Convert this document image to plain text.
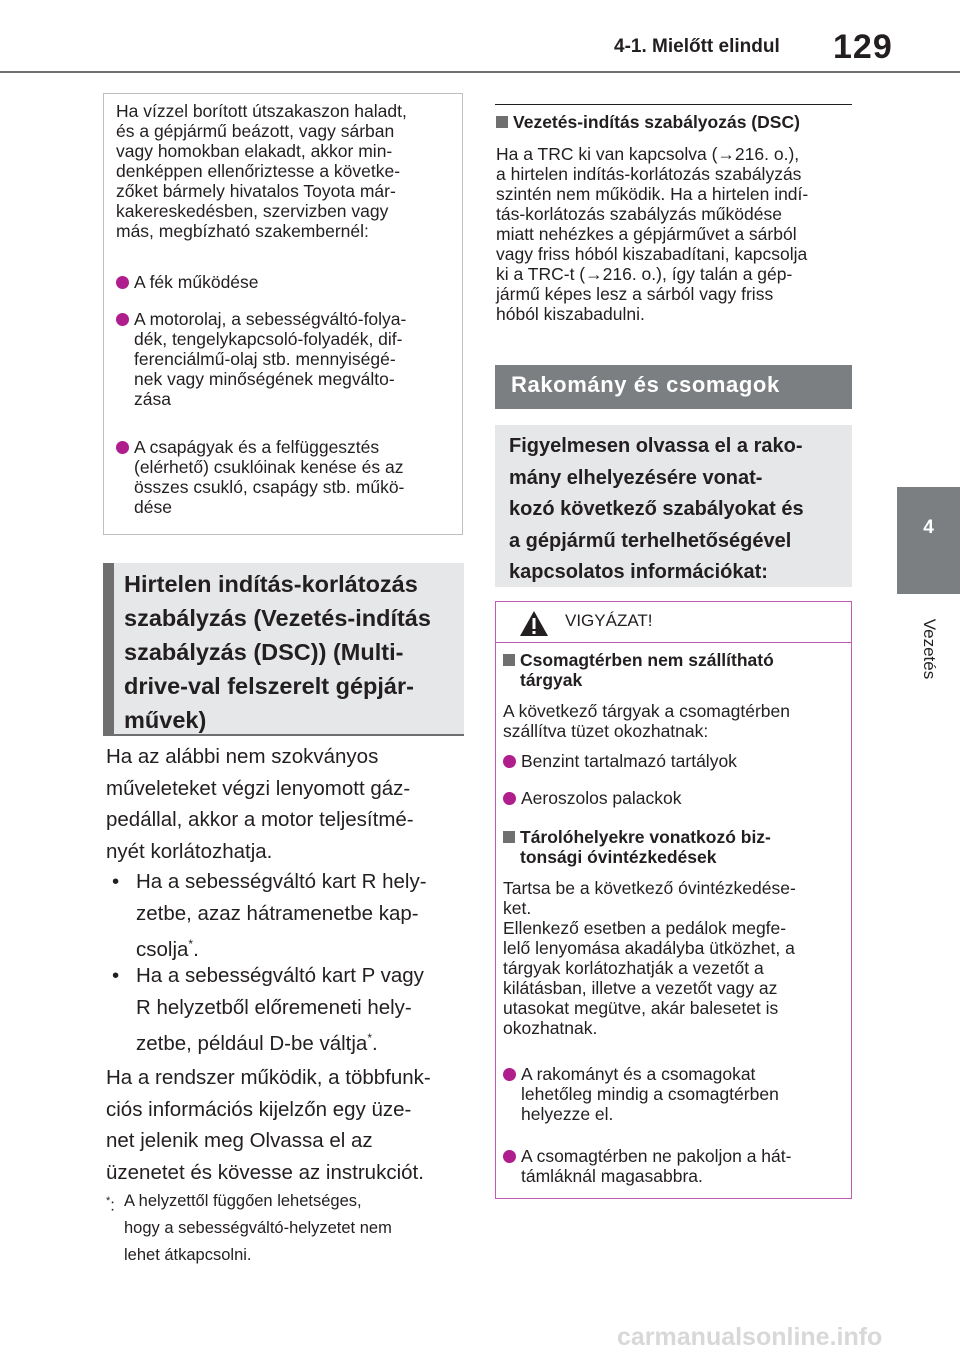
4-1. Mielőtt elindul 129
4
Vezetés
Ha vízzel borított útszakaszon haladt,
és a gépjármű beázott, vagy sárban
vagy homokban elakadt, akkor min-
denképpen ellenőriztesse a követke-
zőket bármely hivatalos Toyota már-
kakereskedésben, szervizben vagy
más, megbízható szakembernél:
A fék működése
A motorolaj, a sebességváltó-folya-
dék, tengelykapcsoló-folyadék, dif-
ferenciálmű-olaj stb. mennyiségé-
nek vagy minőségének megválto-
zása
A csapágyak és a felfüggesztés
(elérhető) csuklóinak kenése és az
összes csukló, csapágy stb. műkö-
dése
Hirtelen indítás-korlátozás
szabályzás (Vezetés-indítás
szabályzás (DSC)) (Multi-
drive-val felszerelt gépjár-
művek)
Ha az alábbi nem szokványos
műveleteket végzi lenyomott gáz-
pedállal, akkor a motor teljesítmé-
nyét korlátozhatja.
• Ha a sebességváltó kart R hely-
zetbe, azaz hátramenetbe kap-
csolja*.
• Ha a sebességváltó kart P vagy
R helyzetből előremeneti hely-
zetbe, például D-be váltja*.
Ha a rendszer működik, a többfunk-
ciós információs kijelzőn egy üze-
net jelenik meg Olvassa el az
üzenetet és kövesse az instrukciót.
*: A helyzettől függően lehetséges,
hogy a sebességváltó-helyzetet nem
lehet átkapcsolni.
Vezetés-indítás szabályozás (DSC)
Ha a TRC ki van kapcsolva (→216. o.),
a hirtelen indítás-korlátozás szabályzás
szintén nem működik. Ha a hirtelen indí-
tás-korlátozás szabályzás működése
miatt nehézkes a gépjárművet a sárból
vagy friss hóból kiszabadítani, kapcsolja
ki a TRC-t (→216. o.), így talán a gép-
jármű képes lesz a sárból vagy friss
hóból kiszabadulni.
Rakomány és csomagok
Figyelmesen olvassa el a rako-
mány elhelyezésére vonat-
kozó következő szabályokat és
a gépjármű terhelhetőségével
kapcsolatos információkat:
VIGYÁZAT!
Csomagtérben nem szállítható
tárgyak
A következő tárgyak a csomagtérben
szállítva tüzet okozhatnak:
Benzint tartalmazó tartályok
Aeroszolos palackok
Tárolóhelyekre vonatkozó biz-
tonsági óvintézkedések
Tartsa be a következő óvintézkedése-
ket.
Ellenkező esetben a pedálok megfe-
lelő lenyomása akadályba ütközhet, a
tárgyak korlátozhatják a vezetőt a
kilátásban, illetve a vezetőt vagy az
utasokat megütve, akár balesetet is
okozhatnak.
A rakományt és a csomagokat
lehetőleg mindig a csomagtérben
helyezze el.
A csomagtérben ne pakoljon a hát-
támláknál magasabbra.
carmanualsonline.info
